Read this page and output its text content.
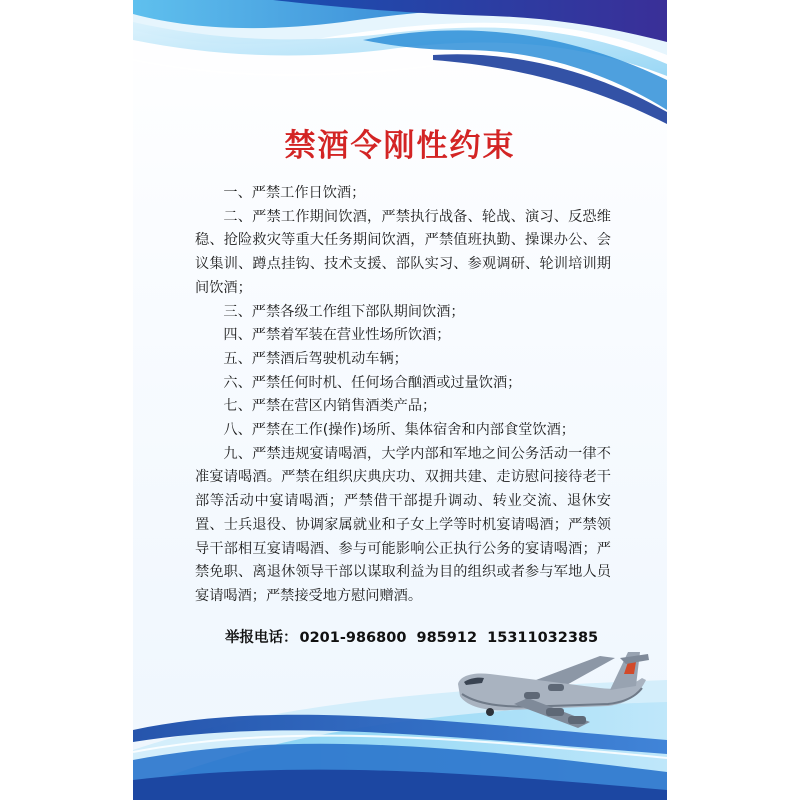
禁酒令刚性约束

一、严禁工作日饮酒；

二、严禁工作期间饮酒，严禁执行战备、轮战、演习、反恐维稳、抢险救灾等重大任务期间饮酒，严禁值班执勤、操课办公、会议集训、蹲点挂钩、技术支援、部队实习、参观调研、轮训培训期间饮酒；

三、严禁各级工作组下部队期间饮酒；

四、严禁着军装在营业性场所饮酒；

五、严禁酒后驾驶机动车辆；

六、严禁任何时机、任何场合酗酒或过量饮酒；

七、严禁在营区内销售酒类产品；

八、严禁在工作(操作)场所、集体宿舍和内部食堂饮酒；

九、严禁违规宴请喝酒，大学内部和军地之间公务活动一律不准宴请喝酒。严禁在组织庆典庆功、双拥共建、走访慰问接待老干部等活动中宴请喝酒；严禁借干部提升调动、转业交流、退休安置、士兵退役、协调家属就业和子女上学等时机宴请喝酒；严禁领导干部相互宴请喝酒、参与可能影响公正执行公务的宴请喝酒；严禁免职、离退休领导干部以谋取利益为目的组织或者参与军地人员宴请喝酒；严禁接受地方慰问赠酒。

举报电话： 0201-986800  985912  15311032385
